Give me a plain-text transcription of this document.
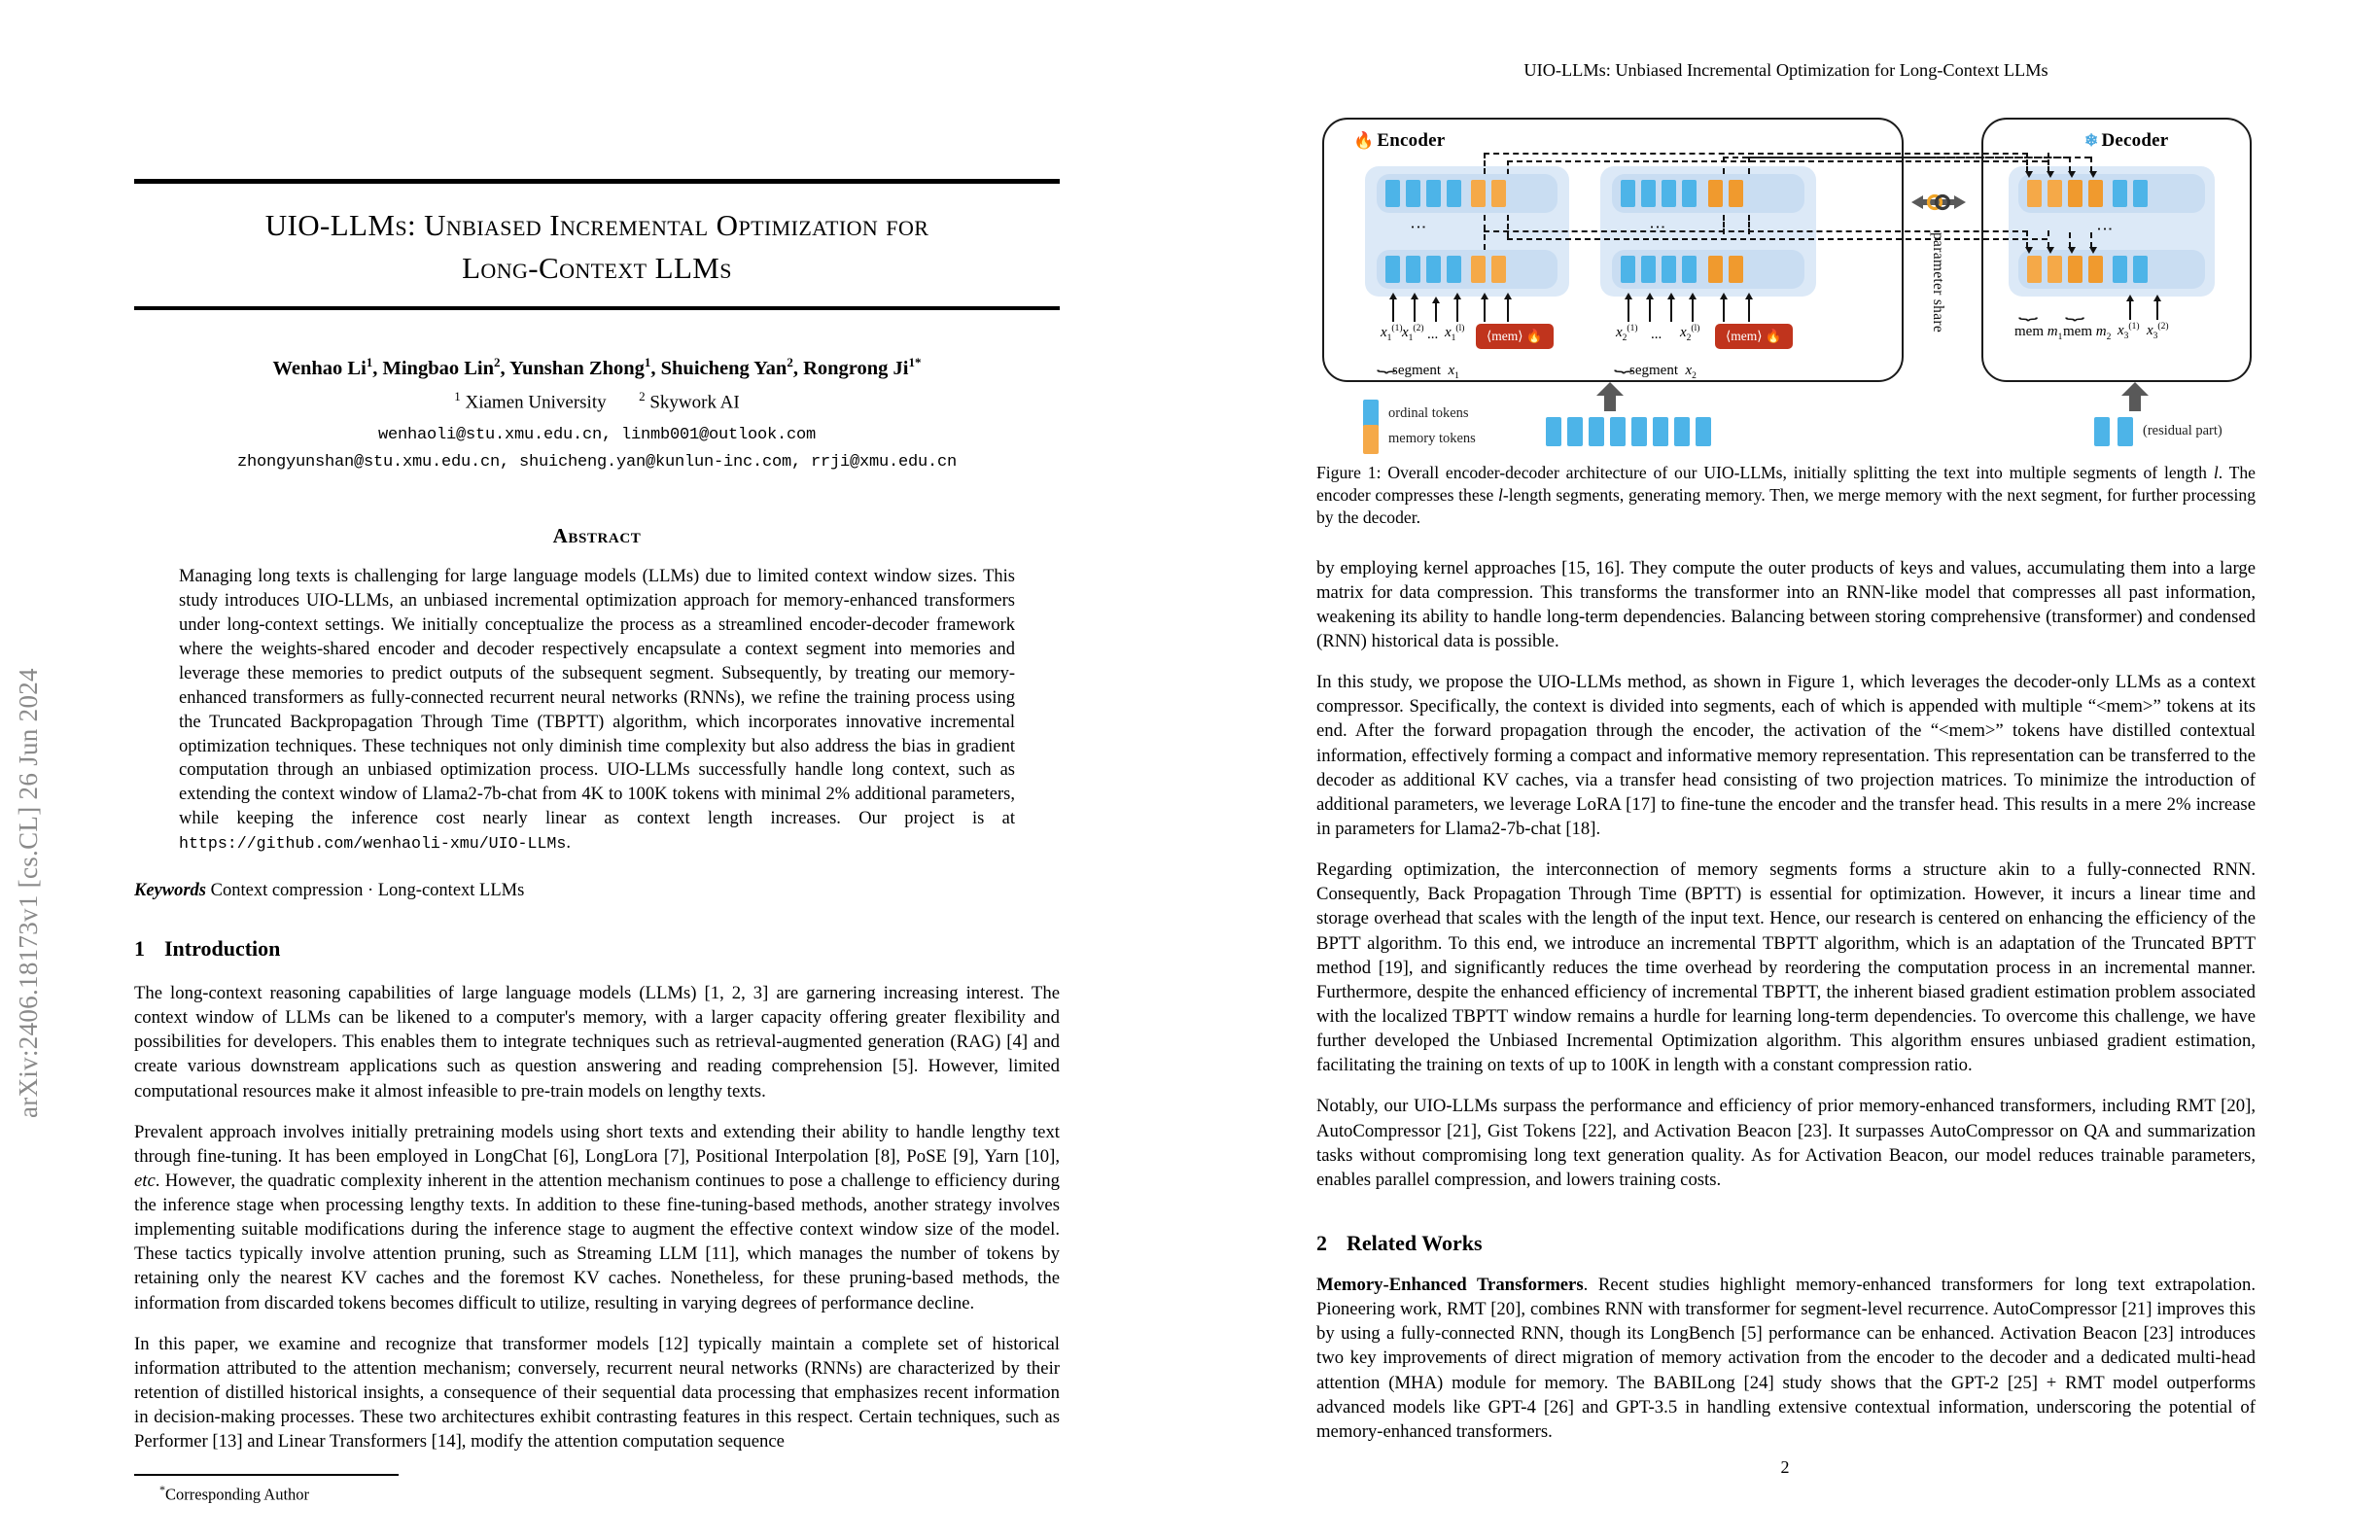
arXiv:2406.18173v1 [cs.CL] 26 Jun 2024
UIO-LLMs: Unbiased Incremental Optimization for
Long-Context LLMs
Wenhao Li$^1$, Mingbao Lin$^2$, Yunshan Zhong$^1$, Shuicheng Yan$^2$, Rongrong $Ji^{1*}$
$^1$ Xiamen University	$^2$ Skywork AI
wenhaoli@stu.xmu.edu.cn, linmb001@outlook.com
zhongyunshan@stu.xmu.edu.cn, shuicheng.yan@kunlun-inc.com, rrji@xmu.edu.cn
Abstract
Managing long texts is challenging for large language models (LLMs) due to limited context window sizes. This study introduces UIO-LLMs, an unbiased incremental optimization approach for memory-enhanced transformers under long-context settings. We initially conceptualize the process as a streamlined encoder-decoder framework where the weights-shared encoder and decoder respectively encapsulate a context segment into memories and leverage these memories to predict outputs of the subsequent segment. Subsequently, by treating our memory-enhanced transformers as fully-connected recurrent neural networks (RNNs), we refine the training process using the Truncated Backpropagation Through Time (TBPTT) algorithm, which incorporates innovative incremental optimization techniques. These techniques not only diminish time complexity but also address the bias in gradient computation through an unbiased optimization process. UIO-LLMs successfully handle long context, such as extending the context window of Llama2-7b-chat from 4K to 100K tokens with minimal 2% additional parameters, while keeping the inference cost nearly linear as context length increases. Our project is at https://github.com/wenhaoli-xmu/UIO-LLMs.
Keywords Context compression · Long-context LLMs
1 Introduction
The long-context reasoning capabilities of large language models (LLMs) [1, 2, 3] are garnering increasing interest. The context window of LLMs can be likened to a computer's memory, with a larger capacity offering greater flexibility and possibilities for developers. This enables them to integrate techniques such as retrieval-augmented generation (RAG) [4] and create various downstream applications such as question answering and reading comprehension [5]. However, limited computational resources make it almost infeasible to pre-train models on lengthy texts.
Prevalent approach involves initially pretraining models using short texts and extending their ability to handle lengthy text through fine-tuning. It has been employed in LongChat [6], LongLora [7], Positional Interpolation [8], PoSE [9], Yarn [10], etc. However, the quadratic complexity inherent in the attention mechanism continues to pose a challenge to efficiency during the inference stage when processing lengthy texts. In addition to these fine-tuning-based methods, another strategy involves implementing suitable modifications during the inference stage to augment the effective context window size of the model. These tactics typically involve attention pruning, such as Streaming LLM [11], which manages the number of tokens by retaining only the nearest KV caches and the foremost KV caches. Nonetheless, for these pruning-based methods, the information from discarded tokens becomes difficult to utilize, resulting in varying degrees of performance decline.
In this paper, we examine and recognize that transformer models [12] typically maintain a complete set of historical information attributed to the attention mechanism; conversely, recurrent neural networks (RNNs) are characterized by their retention of distilled historical insights, a consequence of their sequential data processing that emphasizes recent information in decision-making processes. These two architectures exhibit contrasting features in this respect. Certain techniques, such as Performer [13] and Linear Transformers [14], modify the attention computation sequence
*Corresponding Author
UIO-LLMs: Unbiased Incremental Optimization for Long-Context LLMs
🔥 Encoder	❄ Decoder
⋮
$x_1^{(1)}$ $x_1^{(2)}$ ... $x_1^{(l)}$	⟨mem⟩ 🔥
⏟

segment  $x_1$
⋮
$x_2^{(1)}$ ... $x_2^{(l)}$	⟨mem⟩ 🔥
⏟
segment  $x_2$
⋮
parameter share ⏟ ⏟
mem $m_1$ mem $m_2$ $x_3^{(1)}$ $x_3^{(2)}$
ordinal tokens
memory tokens	(residual part)
Figure 1: Overall encoder-decoder architecture of our UIO-LLMs, initially splitting the text into multiple segments of length l. The encoder compresses these l-length segments, generating memory. Then, we merge memory with the next segment, for further processing by the decoder.
by employing kernel approaches [15, 16]. They compute the outer products of keys and values, accumulating them into a large matrix for data compression. This transforms the transformer into an RNN-like model that compresses all past information, weakening its ability to handle long-term dependencies. Balancing between storing comprehensive (transformer) and condensed (RNN) historical data is possible.
In this study, we propose the UIO-LLMs method, as shown in Figure 1, which leverages the decoder-only LLMs as a context compressor. Specifically, the context is divided into segments, each of which is appended with multiple “<mem>” tokens at its end. After the forward propagation through the encoder, the activation of the “<mem>” tokens have distilled contextual information, effectively forming a compact and informative memory representation. This representation can be transferred to the decoder as additional KV caches, via a transfer head consisting of two projection matrices. To minimize the introduction of additional parameters, we leverage LoRA [17] to fine-tune the encoder and the transfer head. This results in a mere 2% increase in parameters for Llama2-7b-chat [18].
Regarding optimization, the interconnection of memory segments forms a structure akin to a fully-connected RNN. Consequently, Back Propagation Through Time (BPTT) is essential for optimization. However, it incurs a linear time and storage overhead that scales with the length of the input text. Hence, our research is centered on enhancing the efficiency of the BPTT algorithm. To this end, we introduce an incremental TBPTT algorithm, which is an adaptation of the Truncated BPTT method [19], and significantly reduces the time overhead by reordering the computation process in an incremental manner. Furthermore, despite the enhanced efficiency of incremental TBPTT, the inherent biased gradient estimation problem associated with the localized TBPTT window remains a hurdle for learning long-term dependencies. To overcome this challenge, we have further developed the Unbiased Incremental Optimization algorithm. This algorithm ensures unbiased gradient estimation, facilitating the training on texts of up to 100K in length with a constant compression ratio.
Notably, our UIO-LLMs surpass the performance and efficiency of prior memory-enhanced transformers, including RMT [20], AutoCompressor [21], Gist Tokens [22], and Activation Beacon [23]. It surpasses AutoCompressor on QA and summarization tasks without compromising long text generation quality. As for Activation Beacon, our model reduces trainable parameters, enables parallel compression, and lowers training costs.
2 Related Works
Memory-Enhanced Transformers. Recent studies highlight memory-enhanced transformers for long text extrapolation. Pioneering work, RMT [20], combines RNN with transformer for segment-level recurrence. AutoCompressor [21] improves this by using a fully-connected RNN, though its LongBench [5] performance can be enhanced. Activation Beacon [23] introduces two key improvements of direct migration of memory activation from the encoder to the decoder and a dedicated multi-head attention (MHA) module for memory. The BABILong [24] study shows that the GPT-2 [25] + RMT model outperforms advanced models like GPT-4 [26] and GPT-3.5 in handling extensive contextual information, underscoring the potential of memory-enhanced transformers.
2
